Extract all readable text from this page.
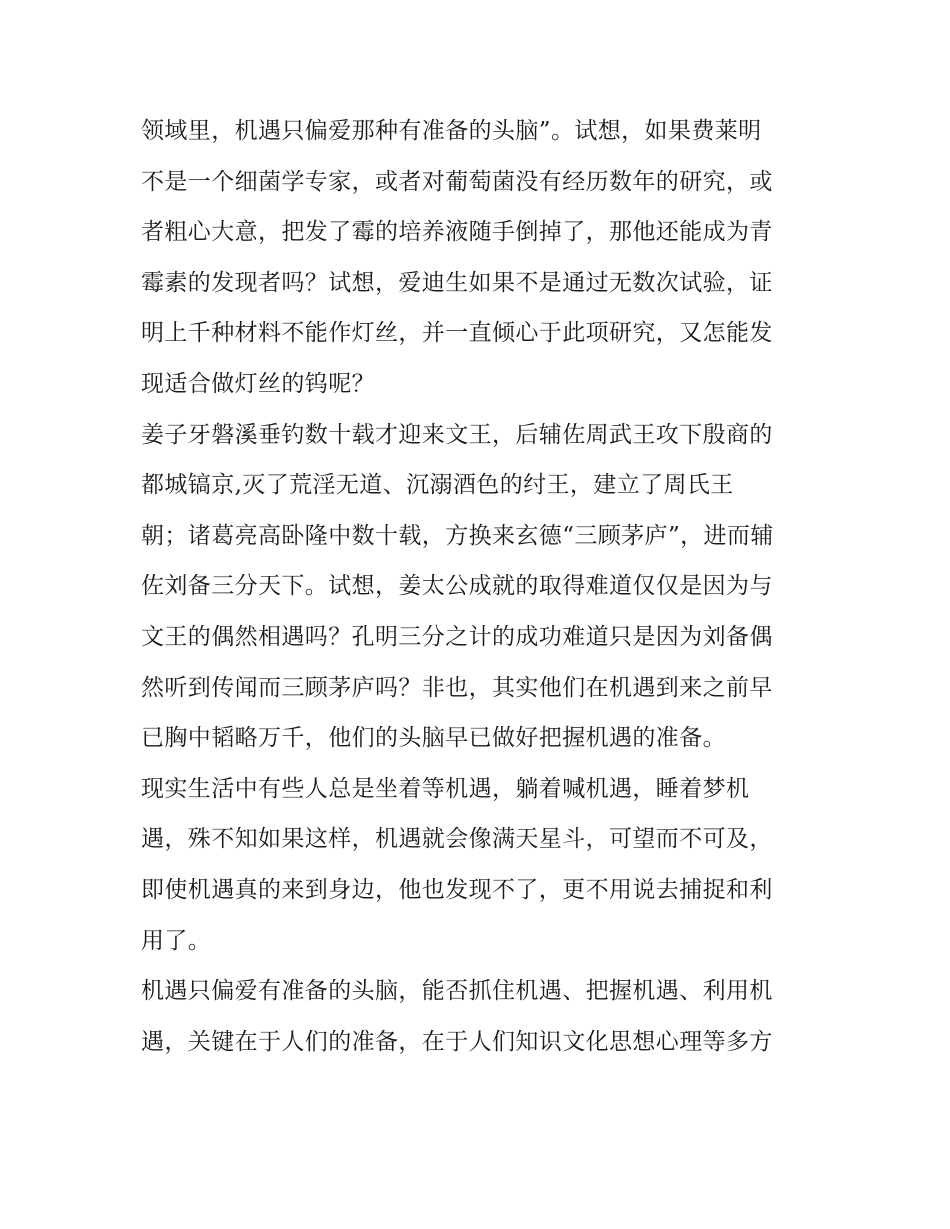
领域里，机遇只偏爱那种有准备的头脑”。试想，如果费莱明
不是一个细菌学专家，或者对葡萄菌没有经历数年的研究，或
者粗心大意，把发了霉的培养液随手倒掉了，那他还能成为青
霉素的发现者吗？试想，爱迪生如果不是通过无数次试验，证
明上千种材料不能作灯丝，并一直倾心于此项研究，又怎能发
现适合做灯丝的钨呢？
姜子牙磐溪垂钓数十载才迎来文王，后辅佐周武王攻下殷商的
都城镐京,灭了荒淫无道、沉溺酒色的纣王，建立了周氏王
朝；诸葛亮高卧隆中数十载，方换来玄德“三顾茅庐”，进而辅
佐刘备三分天下。试想，姜太公成就的取得难道仅仅是因为与
文王的偶然相遇吗？孔明三分之计的成功难道只是因为刘备偶
然听到传闻而三顾茅庐吗？非也，其实他们在机遇到来之前早
已胸中韬略万千，他们的头脑早已做好把握机遇的准备。
现实生活中有些人总是坐着等机遇，躺着喊机遇，睡着梦机
遇，殊不知如果这样，机遇就会像满天星斗，可望而不可及，
即使机遇真的来到身边，他也发现不了，更不用说去捕捉和利
用了。
机遇只偏爱有准备的头脑，能否抓住机遇、把握机遇、利用机
遇，关键在于人们的准备，在于人们知识文化思想心理等多方
